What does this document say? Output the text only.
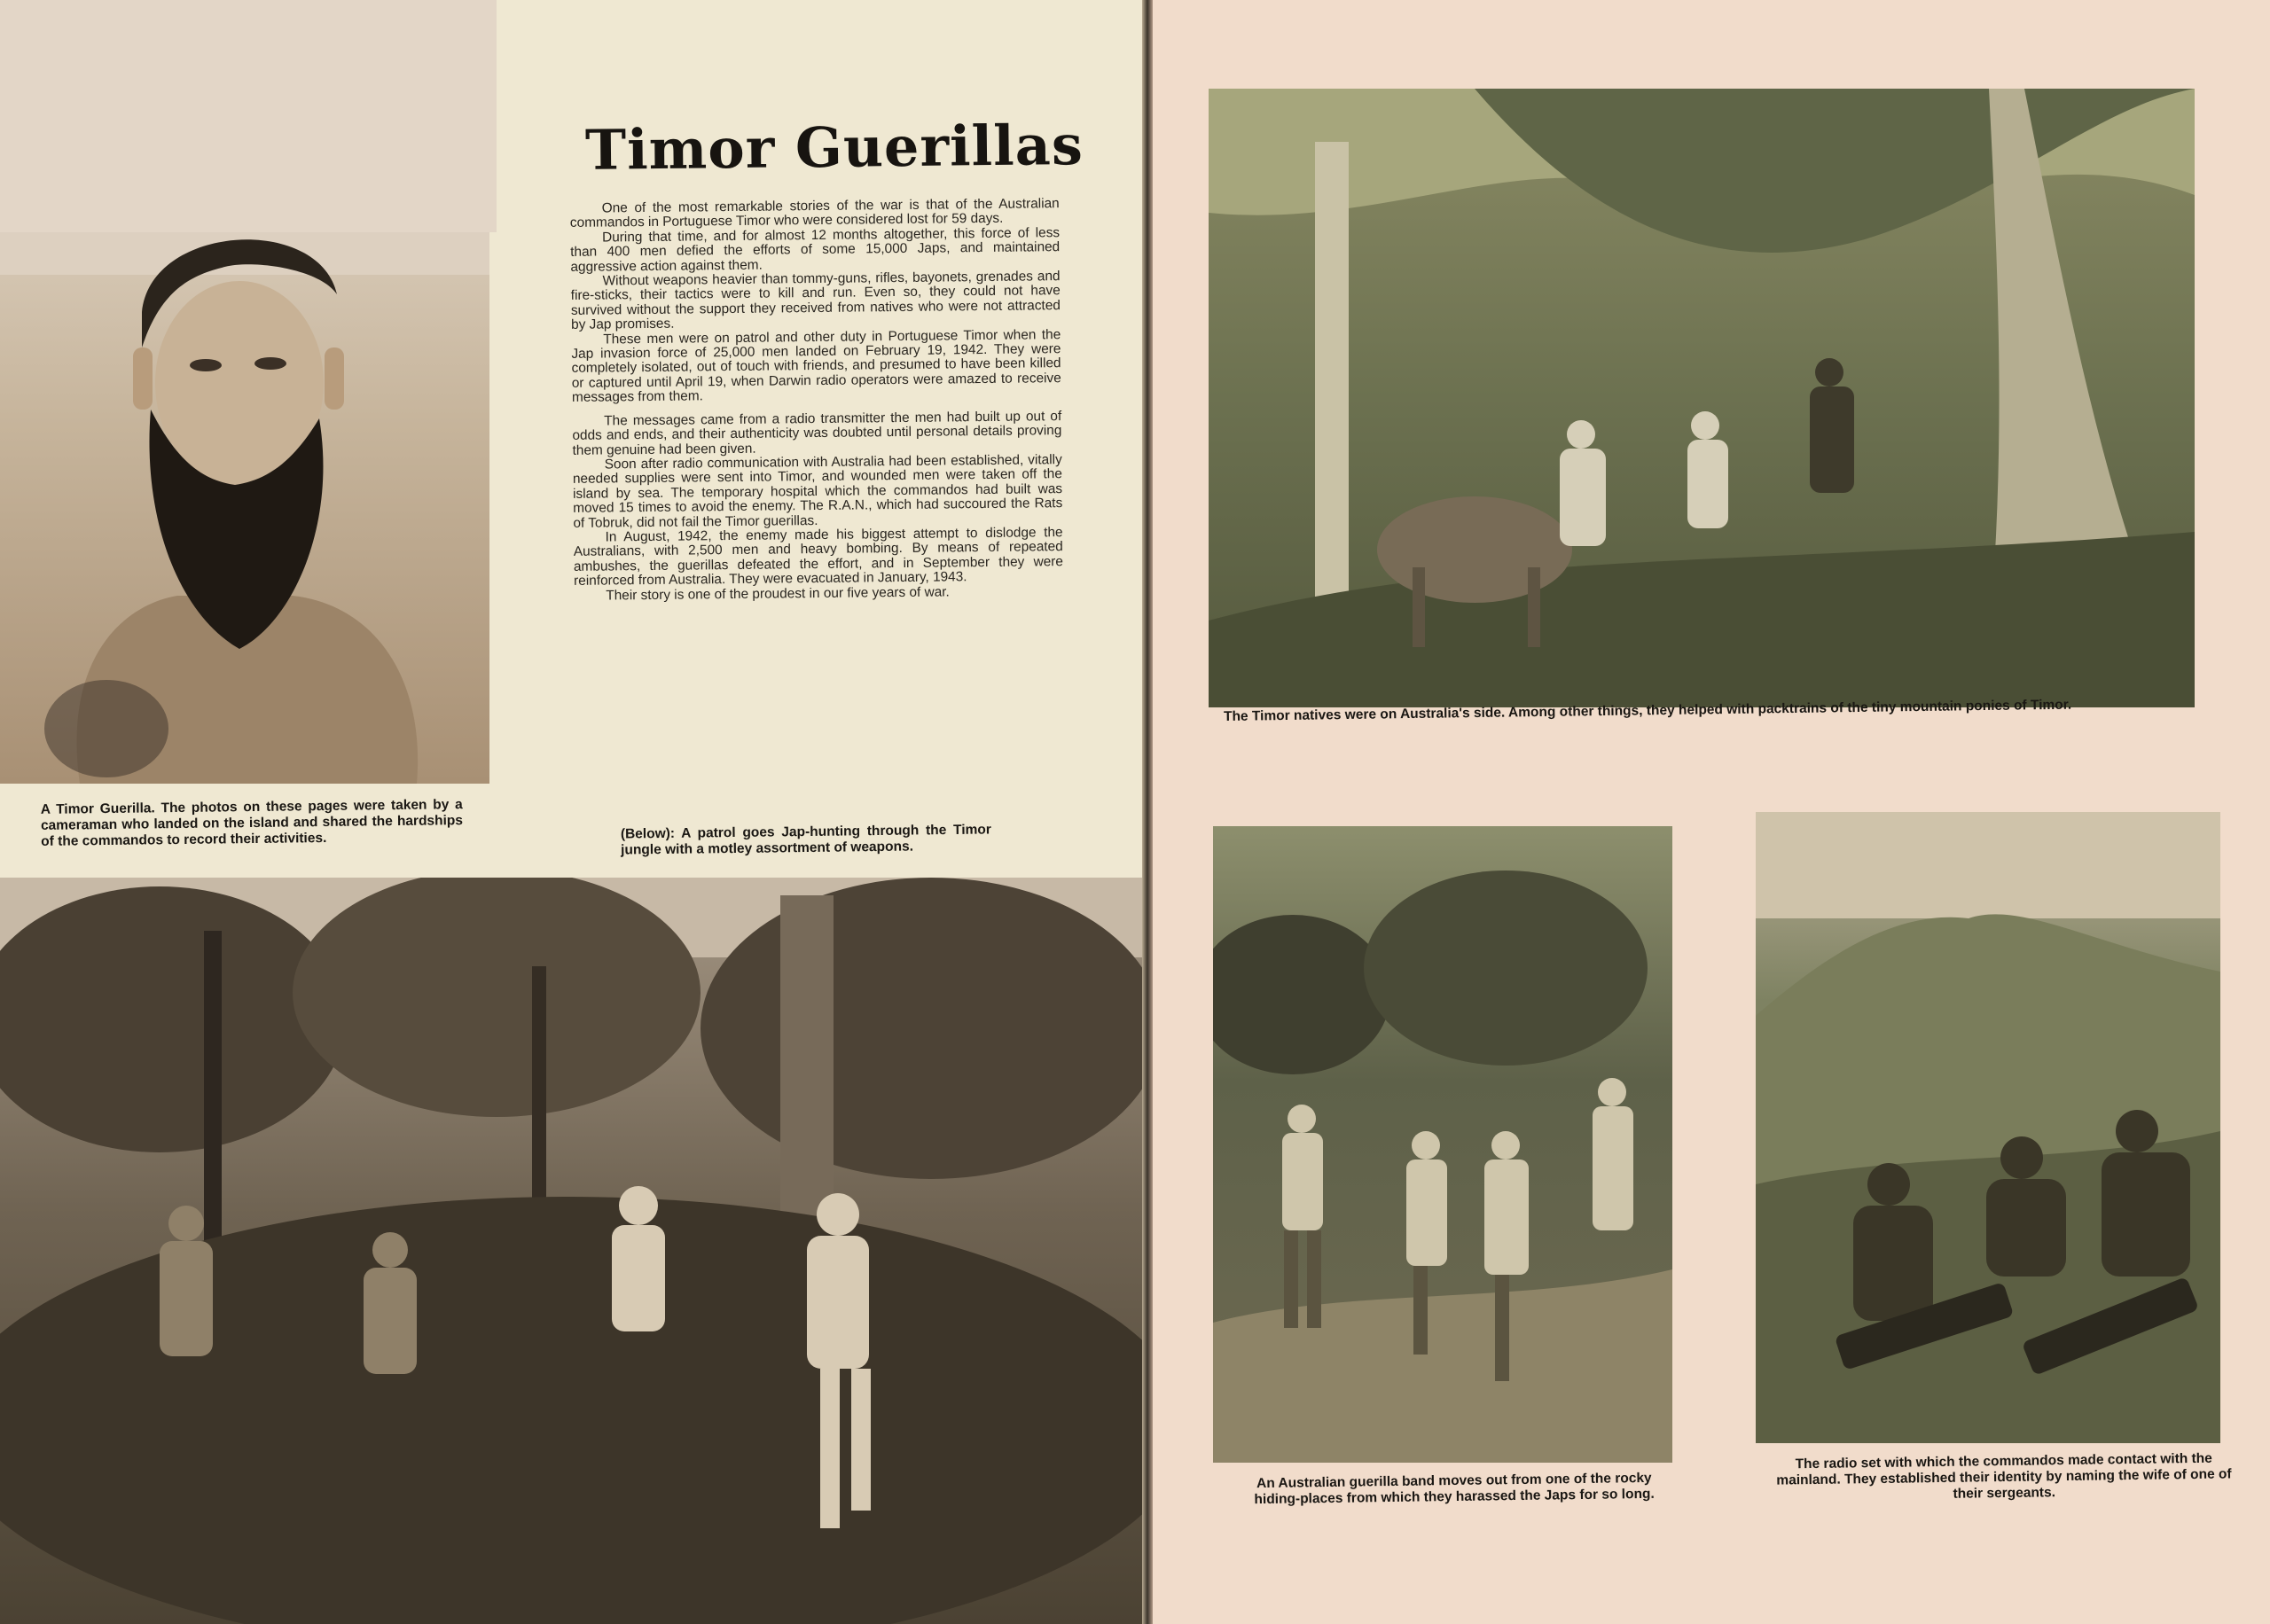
Timor Guerillas

One of the most remarkable stories of the war is that of the Australian commandos in Portuguese Timor who were considered lost for 59 days.

During that time, and for almost 12 months altogether, this force of less than 400 men defied the efforts of some 15,000 Japs, and maintained aggressive action against them.

Without weapons heavier than tommy-guns, rifles, bayonets, grenades and fire-sticks, their tactics were to kill and run. Even so, they could not have survived without the support they received from natives who were not attracted by Jap promises.

These men were on patrol and other duty in Portuguese Timor when the Jap invasion force of 25,000 men landed on February 19, 1942. They were completely isolated, out of touch with friends, and presumed to have been killed or captured until April 19, when Darwin radio operators were amazed to receive messages from them.

The messages came from a radio transmitter the men had built up out of odds and ends, and their authenticity was doubted until personal details proving them genuine had been given.

Soon after radio communication with Australia had been established, vitally needed supplies were sent into Timor, and wounded men were taken off the island by sea. The temporary hospital which the commandos had built was moved 15 times to avoid the enemy. The R.A.N., which had succoured the Rats of Tobruk, did not fail the Timor guerillas.

In August, 1942, the enemy made his biggest attempt to dislodge the Australians, with 2,500 men and heavy bombing. By means of repeated ambushes, the guerillas defeated the effort, and in September they were reinforced from Australia. They were evacuated in January, 1943.

Their story is one of the proudest in our five years of war.

A Timor Guerilla. The photos on these pages were taken by a cameraman who landed on the island and shared the hardships of the commandos to record their activities.	(Below): A patrol goes Jap-hunting through the Timor jungle with a motley assortment of weapons.
The Timor natives were on Australia's side. Among other things, they helped with packtrains of the tiny mountain ponies of Timor.
An Australian guerilla band moves out from one of the rocky hiding-places from which they harassed the Japs for so long.
The radio set with which the commandos made contact with the mainland. They established their identity by naming the wife of one of their sergeants.
